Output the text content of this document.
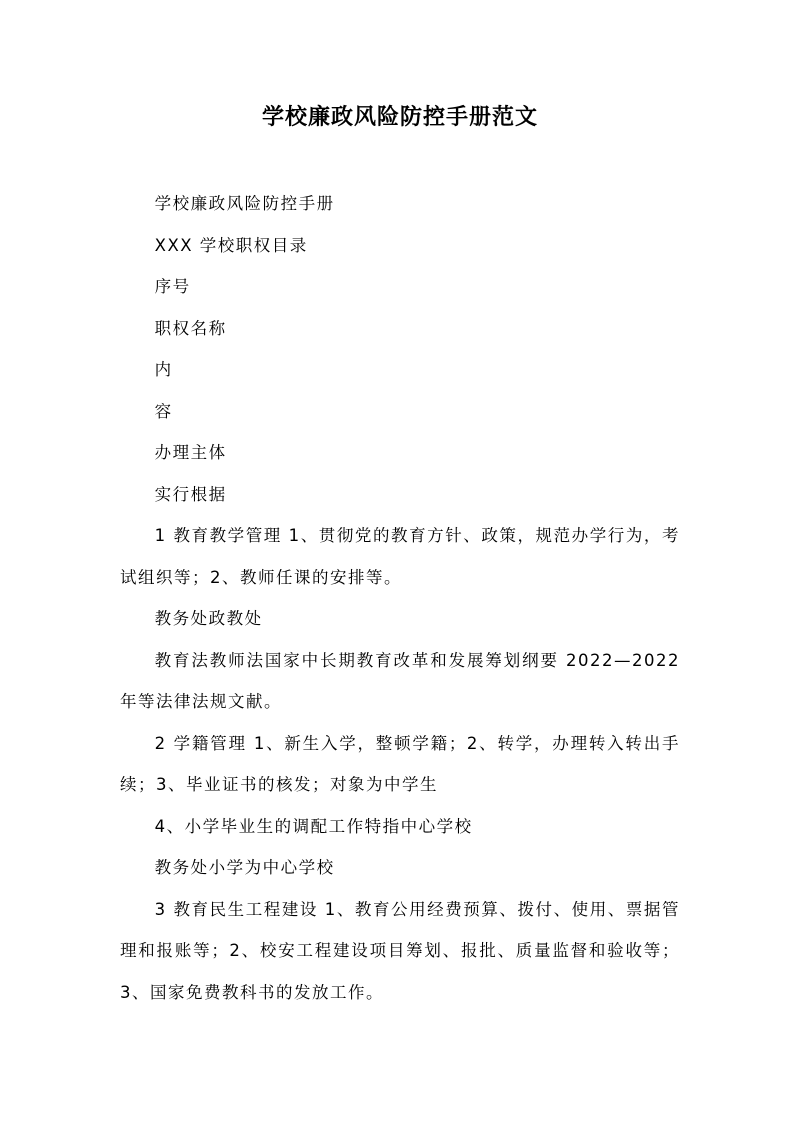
学校廉政风险防控手册范文

学校廉政风险防控手册

XXX 学校职权目录

序号

职权名称

内

容

办理主体

实行根据

1 教育教学管理 1、贯彻党的教育方针、政策，规范办学行为，考试组织等；2、教师任课的安排等。

教务处政教处

教育法教师法国家中长期教育改革和发展筹划纲要 2022—2022 年等法律法规文献。

2 学籍管理 1、新生入学，整顿学籍；2、转学，办理转入转出手续；3、毕业证书的核发；对象为中学生

4、小学毕业生的调配工作特指中心学校

教务处小学为中心学校

3 教育民生工程建设 1、教育公用经费预算、拨付、使用、票据管理和报账等；2、校安工程建设项目筹划、报批、质量监督和验收等；3、国家免费教科书的发放工作。
